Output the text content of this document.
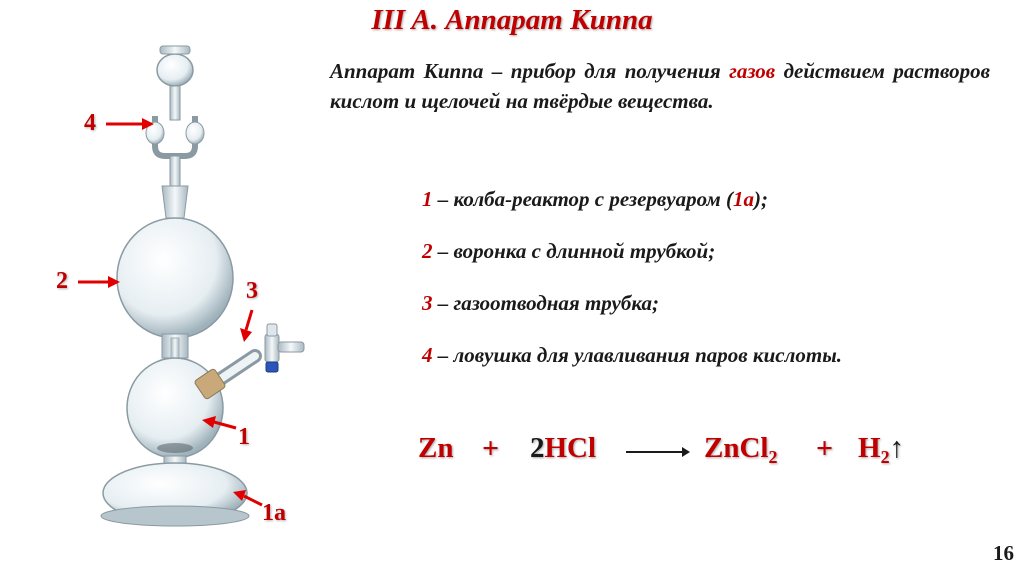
III A. Аппарат Киппа
Аппарат Киппа – прибор для получения газов действием растворов кислот и щелочей на твёрдые вещества.
1 – колба-реактор с резервуаром (1а);
2 – воронка с длинной трубкой;
3 – газоотводная трубка;
4 – ловушка для улавливания паров кислоты.
Zn + 2HCl	ZnCl$_2$ + $H_2↑$
4
2	3
1
1а
16
